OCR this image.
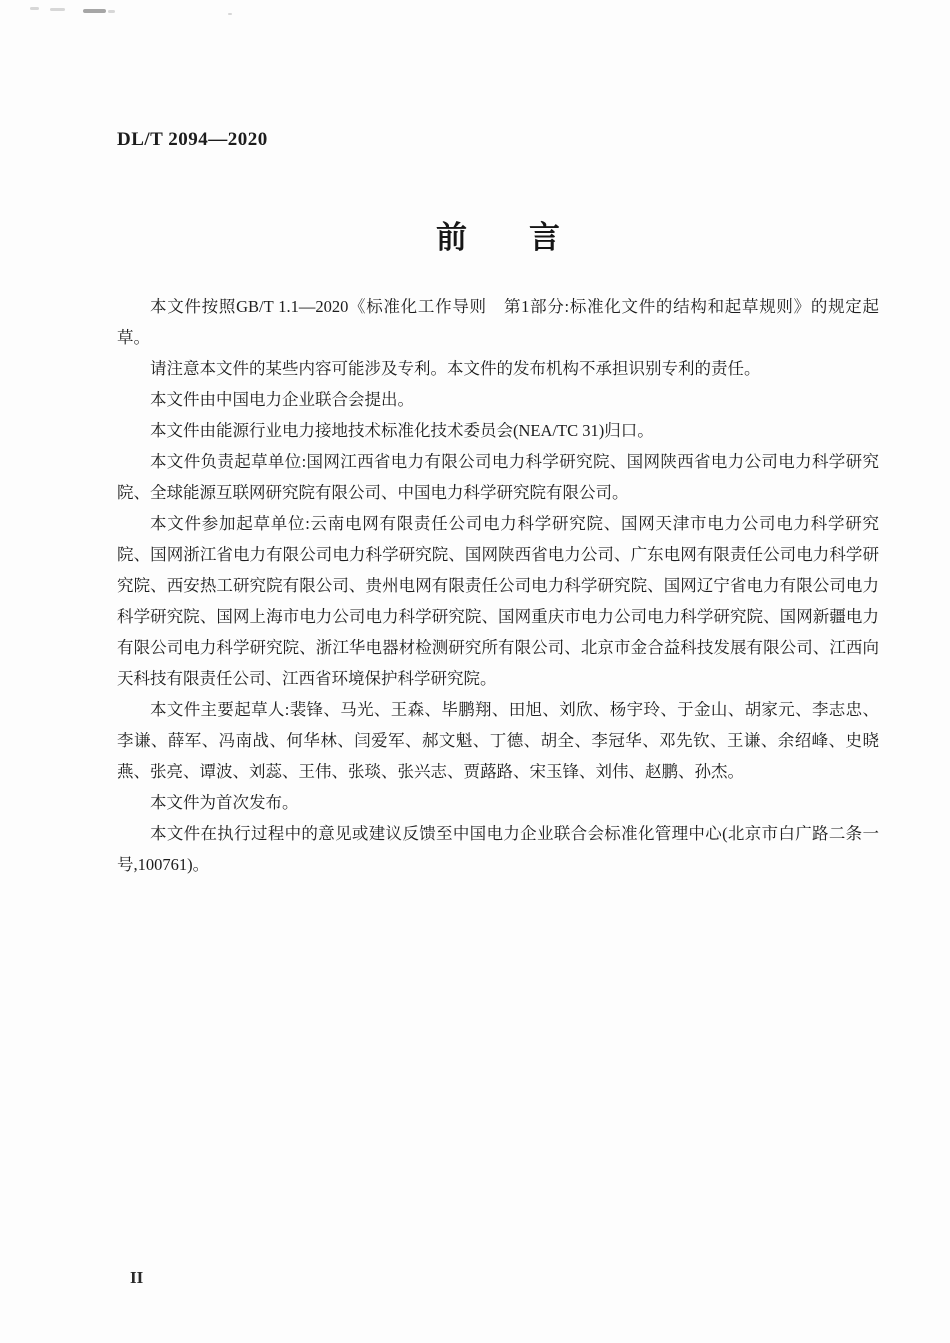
DL/T 2094—2020
前　　言

本文件按照GB/T 1.1—2020《标准化工作导则　第1部分:标准化文件的结构和起草规则》的规定起草。

请注意本文件的某些内容可能涉及专利。本文件的发布机构不承担识别专利的责任。

本文件由中国电力企业联合会提出。

本文件由能源行业电力接地技术标准化技术委员会(NEA/TC 31)归口。

本文件负责起草单位:国网江西省电力有限公司电力科学研究院、国网陕西省电力公司电力科学研究院、全球能源互联网研究院有限公司、中国电力科学研究院有限公司。

本文件参加起草单位:云南电网有限责任公司电力科学研究院、国网天津市电力公司电力科学研究院、国网浙江省电力有限公司电力科学研究院、国网陕西省电力公司、广东电网有限责任公司电力科学研究院、西安热工研究院有限公司、贵州电网有限责任公司电力科学研究院、国网辽宁省电力有限公司电力科学研究院、国网上海市电力公司电力科学研究院、国网重庆市电力公司电力科学研究院、国网新疆电力有限公司电力科学研究院、浙江华电器材检测研究所有限公司、北京市金合益科技发展有限公司、江西向天科技有限责任公司、江西省环境保护科学研究院。

本文件主要起草人:裴锋、马光、王森、毕鹏翔、田旭、刘欣、杨宇玲、于金山、胡家元、李志忠、李谦、薛军、冯南战、何华林、闫爱军、郝文魁、丁德、胡全、李冠华、邓先钦、王谦、余绍峰、史晓燕、张亮、谭波、刘蕊、王伟、张琰、张兴志、贾蕗路、宋玉锋、刘伟、赵鹏、孙杰。

本文件为首次发布。

本文件在执行过程中的意见或建议反馈至中国电力企业联合会标准化管理中心(北京市白广路二条一号,100761)。

II
